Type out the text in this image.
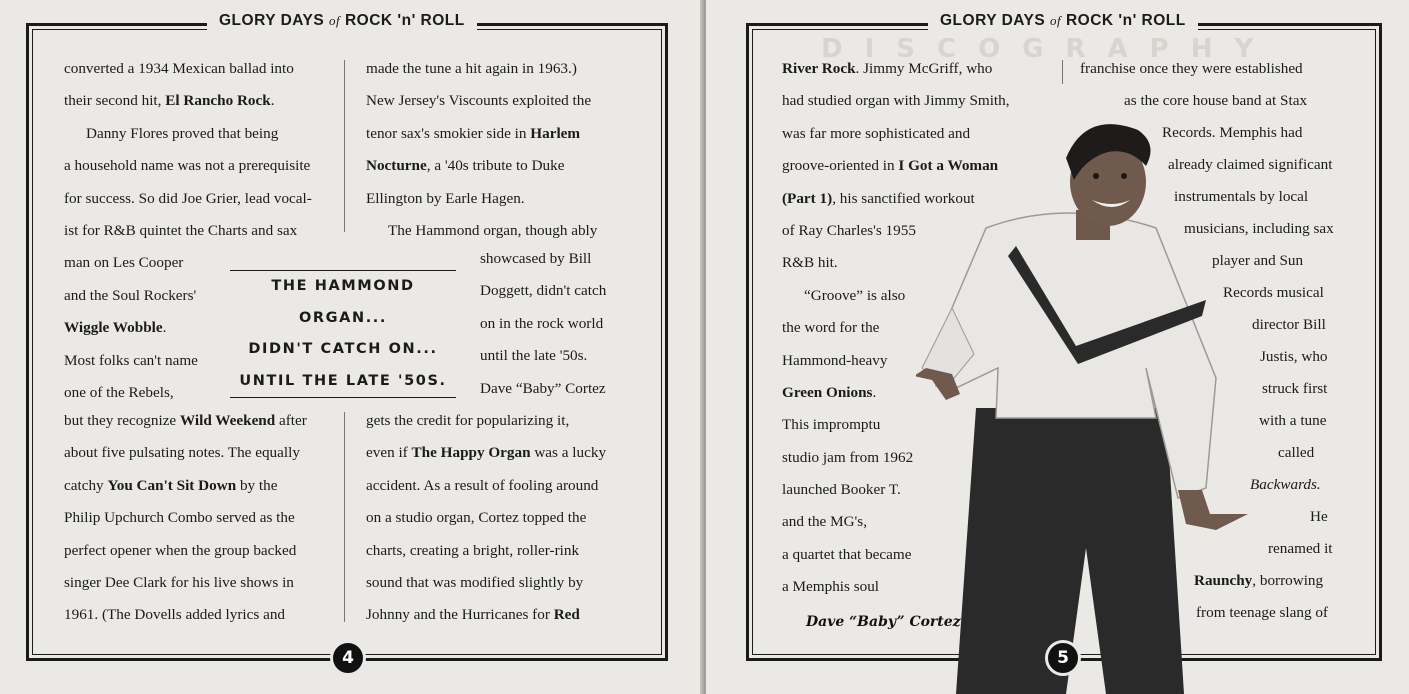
GLORY DAYS of ROCK 'n' ROLL
converted a 1934 Mexican ballad into
their second hit, El Rancho Rock.
Danny Flores proved that being
a household name was not a prerequisite
for success. So did Joe Grier, lead vocal-
ist for R&B quintet the Charts and sax
man on Les Cooper
and the Soul Rockers'
Wiggle Wobble.
Most folks can't name
one of the Rebels,
but they recognize Wild Weekend after
about five pulsating notes. The equally
catchy You Can't Sit Down by the
Philip Upchurch Combo served as the
perfect opener when the group backed
singer Dee Clark for his live shows in
1961. (The Dovells added lyrics and
made the tune a hit again in 1963.)
New Jersey's Viscounts exploited the
tenor sax's smokier side in Harlem
Nocturne, a '40s tribute to Duke
Ellington by Earle Hagen.
The Hammond organ, though ably
showcased by Bill
Doggett, didn't catch
on in the rock world
until the late '50s.
Dave “Baby” Cortez
THE HAMMOND ORGAN...
DIDN'T CATCH ON...
UNTIL THE LATE '50S.
gets the credit for popularizing it,
even if The Happy Organ was a lucky
accident. As a result of fooling around
on a studio organ, Cortez topped the
charts, creating a bright, roller-rink
sound that was modified slightly by
Johnny and the Hurricanes for Red
4
DISCOGRAPHY
GLORY DAYS of ROCK 'n' ROLL
River Rock. Jimmy McGriff, who
had studied organ with Jimmy Smith,
was far more sophisticated and
groove-oriented in I Got a Woman
(Part 1), his sanctified workout
of Ray Charles's 1955
R&B hit.
“Groove” is also
the word for the
Hammond-heavy
Green Onions.
This impromptu
studio jam from 1962
launched Booker T.
and the MG's,
a quartet that became
a Memphis soul
franchise once they were established
as the core house band at Stax
Records. Memphis had
already claimed significant
instrumentals by local
musicians, including sax
player and Sun
Records musical
director Bill
Justis, who
struck first
with a tune
called
Backwards.
He
renamed it
Raunchy, borrowing
from teenage slang of
Dave “Baby” Cortez
5
